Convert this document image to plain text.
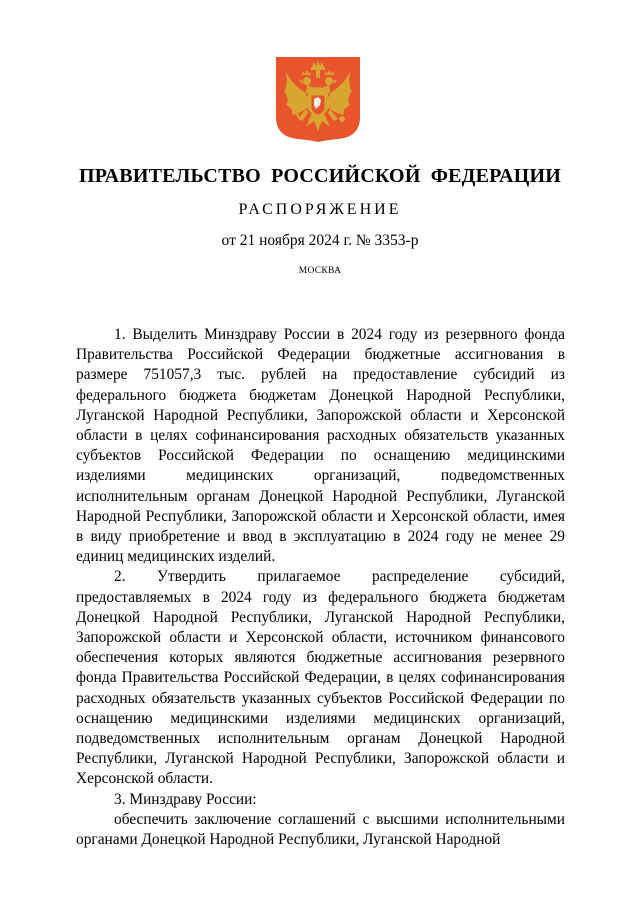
ПРАВИТЕЛЬСТВО РОССИЙСКОЙ ФЕДЕРАЦИИ
РАСПОРЯЖЕНИЕ
от 21 ноября 2024 г. № 3353-р
МОСКВА

1. Выделить Минздраву России в 2024 году из резервного фонда Правительства Российской Федерации бюджетные ассигнования в размере 751057,3 тыс. рублей на предоставление субсидий из федерального бюджета бюджетам Донецкой Народной Республики, Луганской Народной Республики, Запорожской области и Херсонской области в целях софинансирования расходных обязательств указанных субъектов Российской Федерации по оснащению медицинскими изделиями медицинских организаций, подведомственных исполнительным органам Донецкой Народной Республики, Луганской Народной Республики, Запорожской области и Херсонской области, имея в виду приобретение и ввод в эксплуатацию в 2024 году не менее 29 единиц медицинских изделий.

2. Утвердить прилагаемое распределение субсидий, предоставляемых в 2024 году из федерального бюджета бюджетам Донецкой Народной Республики, Луганской Народной Республики, Запорожской области и Херсонской области, источником финансового обеспечения которых являются бюджетные ассигнования резервного фонда Правительства Российской Федерации, в целях софинансирования расходных обязательств указанных субъектов Российской Федерации по оснащению медицинскими изделиями медицинских организаций, подведомственных исполнительным органам Донецкой Народной Республики, Луганской Народной Республики, Запорожской области и Херсонской области.

3. Минздраву России:

обеспечить заключение соглашений с высшими исполнительными органами Донецкой Народной Республики, Луганской Народной
